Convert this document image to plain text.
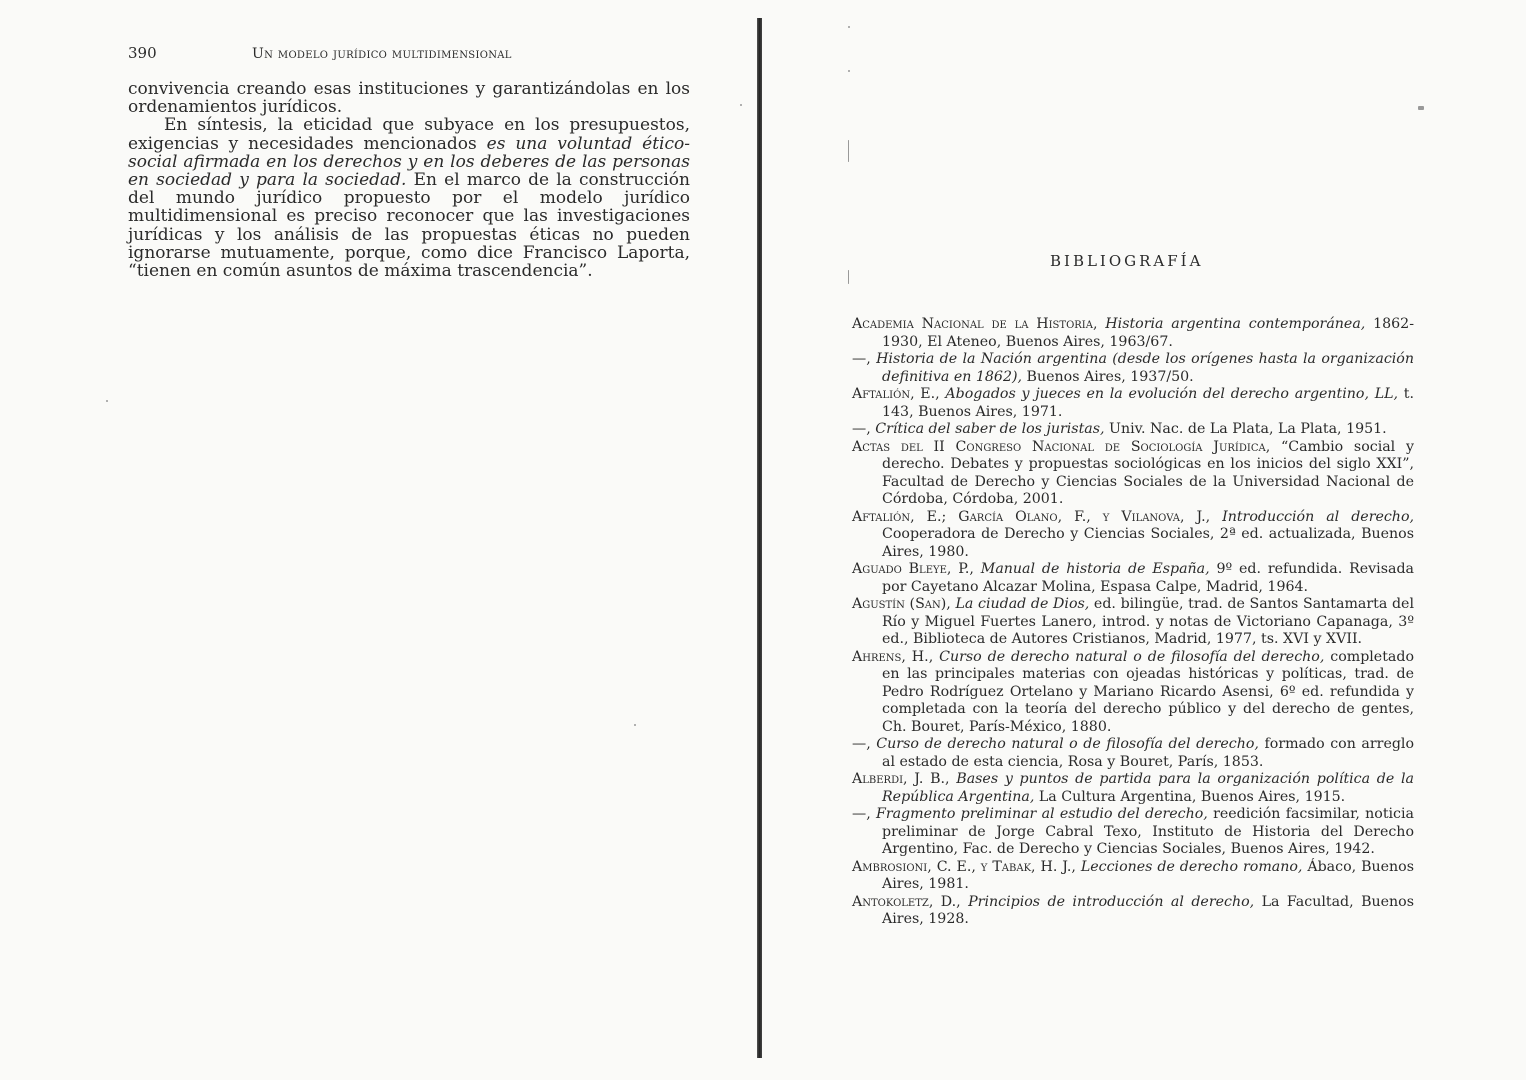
390	Un modelo jurídico multidimensional

convivencia creando esas instituciones y garantizándolas en los ordenamientos jurídicos.

En síntesis, la eticidad que subyace en los presupuestos, exigencias y necesidades mencionados es una voluntad ético-social afirmada en los derechos y en los deberes de las personas en sociedad y para la sociedad. En el marco de la construcción del mundo jurídico propuesto por el modelo jurídico multidimensional es preciso reconocer que las investigaciones jurídicas y los análisis de las propuestas éticas no pueden ignorarse mutuamente, porque, como dice Francisco Laporta, “tienen en común asuntos de máxima trascendencia”.

BIBLIOGRAFÍA
Academia Nacional de la Historia, Historia argentina contemporánea, 1862-1930, El Ateneo, Buenos Aires, 1963/67.
—, Historia de la Nación argentina (desde los orígenes hasta la organización definitiva en 1862), Buenos Aires, 1937/50.
Aftalión, E., Abogados y jueces en la evolución del derecho argentino, LL, t. 143, Buenos Aires, 1971.
—, Crítica del saber de los juristas, Univ. Nac. de La Plata, La Plata, 1951.
Actas del II Congreso Nacional de Sociología Jurídica, “Cambio social y derecho. Debates y propuestas sociológicas en los inicios del siglo XXI”, Facultad de Derecho y Ciencias Sociales de la Universidad Nacional de Córdoba, Córdoba, 2001.
Aftalión, E.; García Olano, F., y Vilanova, J., Introducción al derecho, Cooperadora de Derecho y Ciencias Sociales, 2ª ed. actualizada, Buenos Aires, 1980.
Aguado Bleye, P., Manual de historia de España, 9º ed. refundida. Revisada por Cayetano Alcazar Molina, Espasa Calpe, Madrid, 1964.
Agustín (San), La ciudad de Dios, ed. bilingüe, trad. de Santos Santamarta del Río y Miguel Fuertes Lanero, introd. y notas de Victoriano Capanaga, 3º ed., Biblioteca de Autores Cristianos, Madrid, 1977, ts. XVI y XVII.
Ahrens, H., Curso de derecho natural o de filosofía del derecho, completado en las principales materias con ojeadas históricas y políticas, trad. de Pedro Rodríguez Ortelano y Mariano Ricardo Asensi, 6º ed. refundida y completada con la teoría del derecho público y del derecho de gentes, Ch. Bouret, París-México, 1880.
—, Curso de derecho natural o de filosofía del derecho, formado con arreglo al estado de esta ciencia, Rosa y Bouret, París, 1853.
Alberdi, J. B., Bases y puntos de partida para la organización política de la República Argentina, La Cultura Argentina, Buenos Aires, 1915.
—, Fragmento preliminar al estudio del derecho, reedición facsimilar, noticia preliminar de Jorge Cabral Texo, Instituto de Historia del Derecho Argentino, Fac. de Derecho y Ciencias Sociales, Buenos Aires, 1942.
Ambrosioni, C. E., y Tabak, H. J., Lecciones de derecho romano, Ábaco, Buenos Aires, 1981.
Antokoletz, D., Principios de introducción al derecho, La Facultad, Buenos Aires, 1928.
